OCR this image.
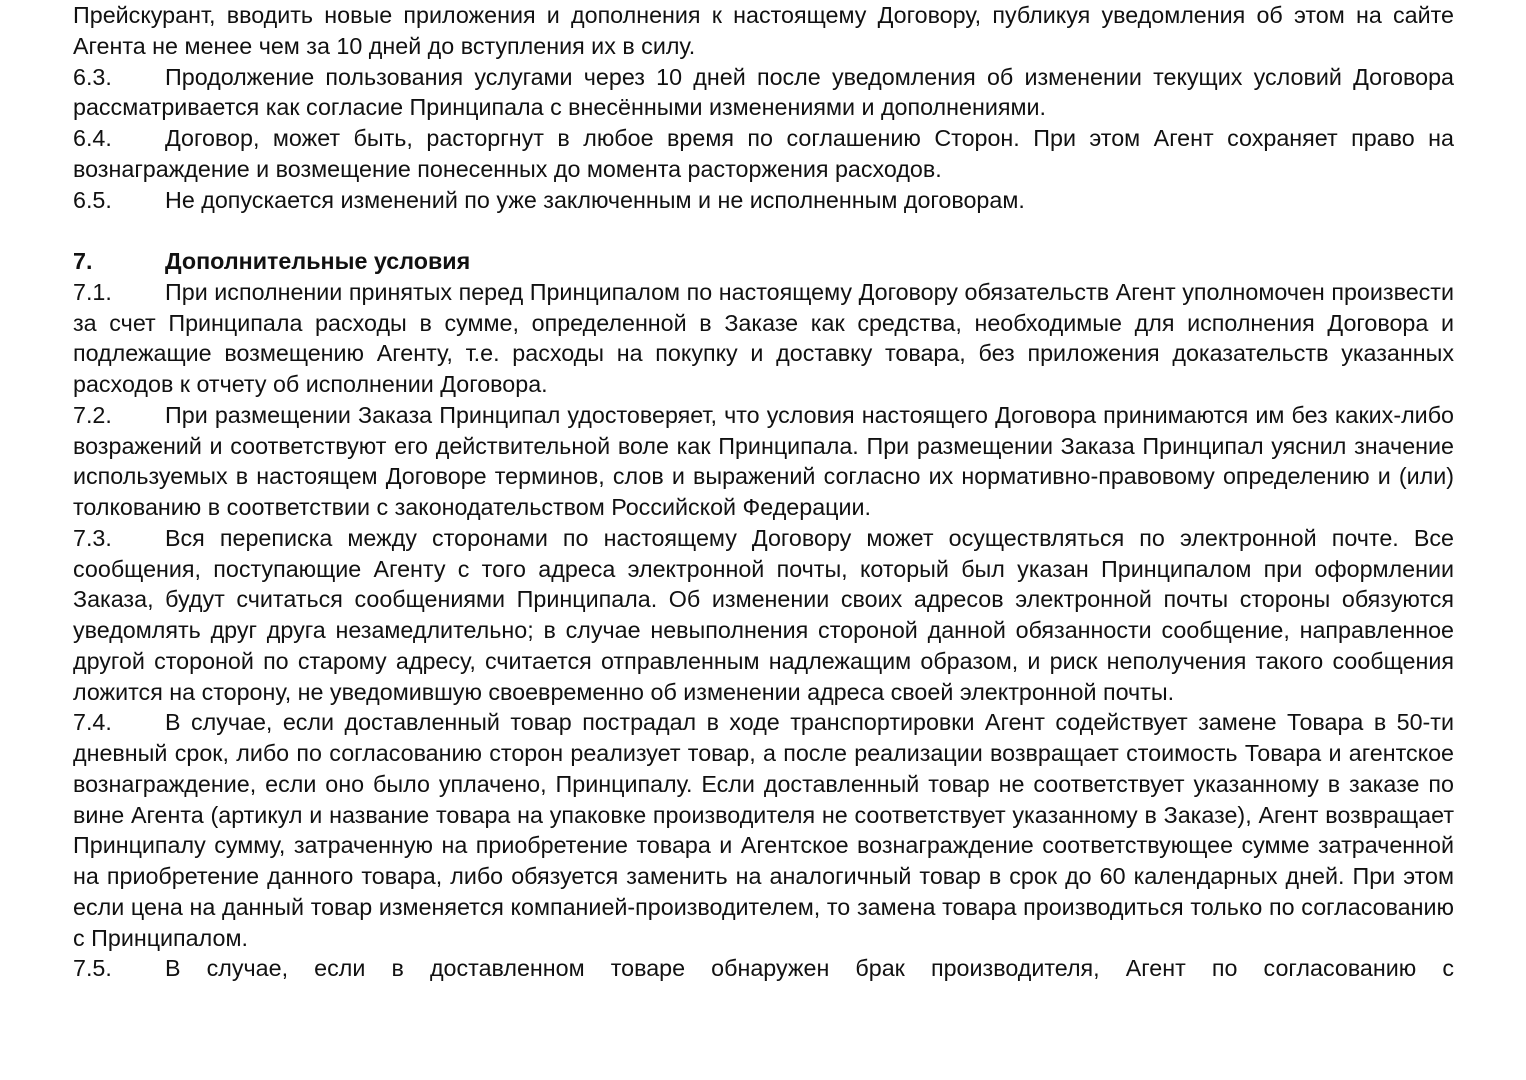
Прейскурант, вводить новые приложения и дополнения к настоящему Договору, публикуя уведомления об этом на сайте Агента не менее чем за 10 дней до вступления их в силу.

6.3. Продолжение пользования услугами через 10 дней после уведомления об изменении текущих условий Договора рассматривается как согласие Принципала с внесёнными изменениями и дополнениями.

6.4. Договор, может быть, расторгнут в любое время по соглашению Сторон. При этом Агент сохраняет право на вознаграждение и возмещение понесенных до момента расторжения расходов.

6.5. Не допускается изменений по уже заключенным и не исполненным договорам.

7.	Дополнительные условия

7.1. При исполнении принятых перед Принципалом по настоящему Договору обязательств Агент уполномочен произвести за счет Принципала расходы в сумме, определенной в Заказе как средства, необходимые для исполнения Договора и подлежащие возмещению Агенту, т.е. расходы на покупку и доставку товара, без приложения доказательств указанных расходов к отчету об исполнении Договора.

7.2. При размещении Заказа Принципал удостоверяет, что условия настоящего Договора принимаются им без каких-либо возражений и соответствуют его действительной воле как Принципала. При размещении Заказа Принципал уяснил значение используемых в настоящем Договоре терминов, слов и выражений согласно их нормативно-правовому определению и (или) толкованию в соответствии с законодательством Российской Федерации.

7.3. Вся переписка между сторонами по настоящему Договору может осуществляться по электронной почте. Все сообщения, поступающие Агенту с того адреса электронной почты, который был указан Принципалом при оформлении Заказа, будут считаться сообщениями Принципала. Об изменении своих адресов электронной почты стороны обязуются уведомлять друг друга незамедлительно; в случае невыполнения стороной данной обязанности сообщение, направленное другой стороной по старому адресу, считается отправленным надлежащим образом, и риск неполучения такого сообщения ложится на сторону, не уведомившую своевременно об изменении адреса своей электронной почты.

7.4. В случае, если доставленный товар пострадал в ходе транспортировки Агент содействует замене Товара в 50-ти дневный срок, либо по согласованию сторон реализует товар, а после реализации возвращает стоимость Товара и агентское вознаграждение, если оно было уплачено, Принципалу. Если доставленный товар не соответствует указанному в заказе по вине Агента (артикул и название товара на упаковке производителя не соответствует указанному в Заказе), Агент возвращает Принципалу сумму, затраченную на приобретение товара и Агентское вознаграждение соответствующее сумме затраченной на приобретение данного товара, либо обязуется заменить на аналогичный товар в срок до 60 календарных дней. При этом если цена на данный товар изменяется компанией-производителем, то замена товара производиться только по согласованию с Принципалом.

7.5. В случае, если в доставленном товаре обнаружен брак производителя, Агент по согласованию с
